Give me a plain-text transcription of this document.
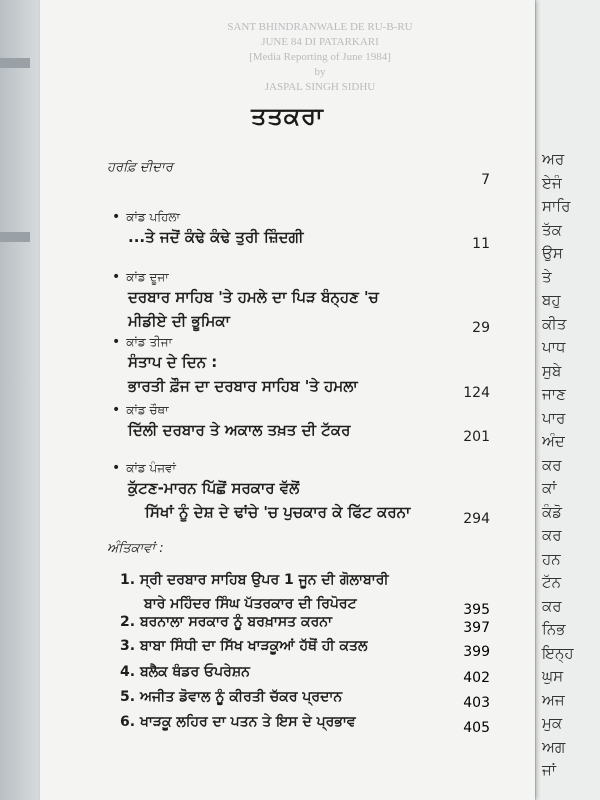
ਅਰ
ਏਜੰ
ਸਾਰਿ
ਤੱਕ
ਉਸ
ਤੇ
ਬਹੁ
ਕੀਤ
ਪਾਧ
ਸੁਬੇ
ਜਾਣ
ਪਾਰ
ਅੰਦ
ਕਰ
ਕਾਂ
ਕੰਡੋ
ਕਰ
ਹਨ
ਟੱਨ
ਕਰ
ਨਿਭ
ਇਨ੍ਹ
ਘੁਸ
ਅਜ
ਮੁਕ
ਅਗ
ਜਾਂ
SANT BHINDRANWALE DE RU-B-RU
JUNE 84 DI PATARKARI
[Media Reporting of June 1984]
by
JASPAL SINGH SIDHU
ਤਤਕਰਾ
ਹਰਫ਼ਿ ਦੀਦਾਰ
7
• ਕਾਂਡ ਪਹਿਲਾ
...ਤੇ ਜਦੋਂ ਕੰਢੇ ਕੰਢੇ ਤੁਰੀ ਜ਼ਿੰਦਗੀ	11
• ਕਾਂਡ ਦੂਜਾ
ਦਰਬਾਰ ਸਾਹਿਬ 'ਤੇ ਹਮਲੇ ਦਾ ਪਿੜ ਬੰਨ੍ਹਣ 'ਚ
ਮੀਡੀਏ ਦੀ ਭੂਮਿਕਾ	29
• ਕਾਂਡ ਤੀਜਾ
ਸੰਤਾਪ ਦੇ ਦਿਨ :
ਭਾਰਤੀ ਫ਼ੌਜ ਦਾ ਦਰਬਾਰ ਸਾਹਿਬ 'ਤੇ ਹਮਲਾ	124
• ਕਾਂਡ ਚੌਥਾ
ਦਿੱਲੀ ਦਰਬਾਰ ਤੇ ਅਕਾਲ ਤਖ਼ਤ ਦੀ ਟੱਕਰ	201
• ਕਾਂਡ ਪੰਜਵਾਂ
ਕੁੱਟਣ-ਮਾਰਨ ਪਿੱਛੋਂ ਸਰਕਾਰ ਵੱਲੋਂ
ਸਿੱਖਾਂ ਨੂੰ ਦੇਸ਼ ਦੇ ਢਾਂਚੇ 'ਚ ਪੁਚਕਾਰ ਕੇ ਫਿੱਟ ਕਰਨਾ	294
ਅੰਤਿਕਾਵਾਂ :
1. ਸ੍ਰੀ ਦਰਬਾਰ ਸਾਹਿਬ ਉਪਰ 1 ਜੂਨ ਦੀ ਗੋਲਾਬਾਰੀ
ਬਾਰੇ ਮਹਿੰਦਰ ਸਿੰਘ ਪੱਤਰਕਾਰ ਦੀ ਰਿਪੋਰਟ	395
2. ਬਰਨਾਲਾ ਸਰਕਾਰ ਨੂੰ ਬਰਖ਼ਾਸਤ ਕਰਨਾ	397
3. ਬਾਬਾ ਸਿੰਧੀ ਦਾ ਸਿੱਖ ਖਾੜਕੂਆਂ ਹੱਥੋਂ ਹੀ ਕਤਲ	399
4. ਬਲੈਕ ਥੰਡਰ ਓਪਰੇਸ਼ਨ	402
5. ਅਜੀਤ ਡੋਵਾਲ ਨੂੰ ਕੀਰਤੀ ਚੱਕਰ ਪ੍ਰਦਾਨ	403
6. ਖਾੜਕੂ ਲਹਿਰ ਦਾ ਪਤਨ ਤੇ ਇਸ ਦੇ ਪ੍ਰਭਾਵ	405
